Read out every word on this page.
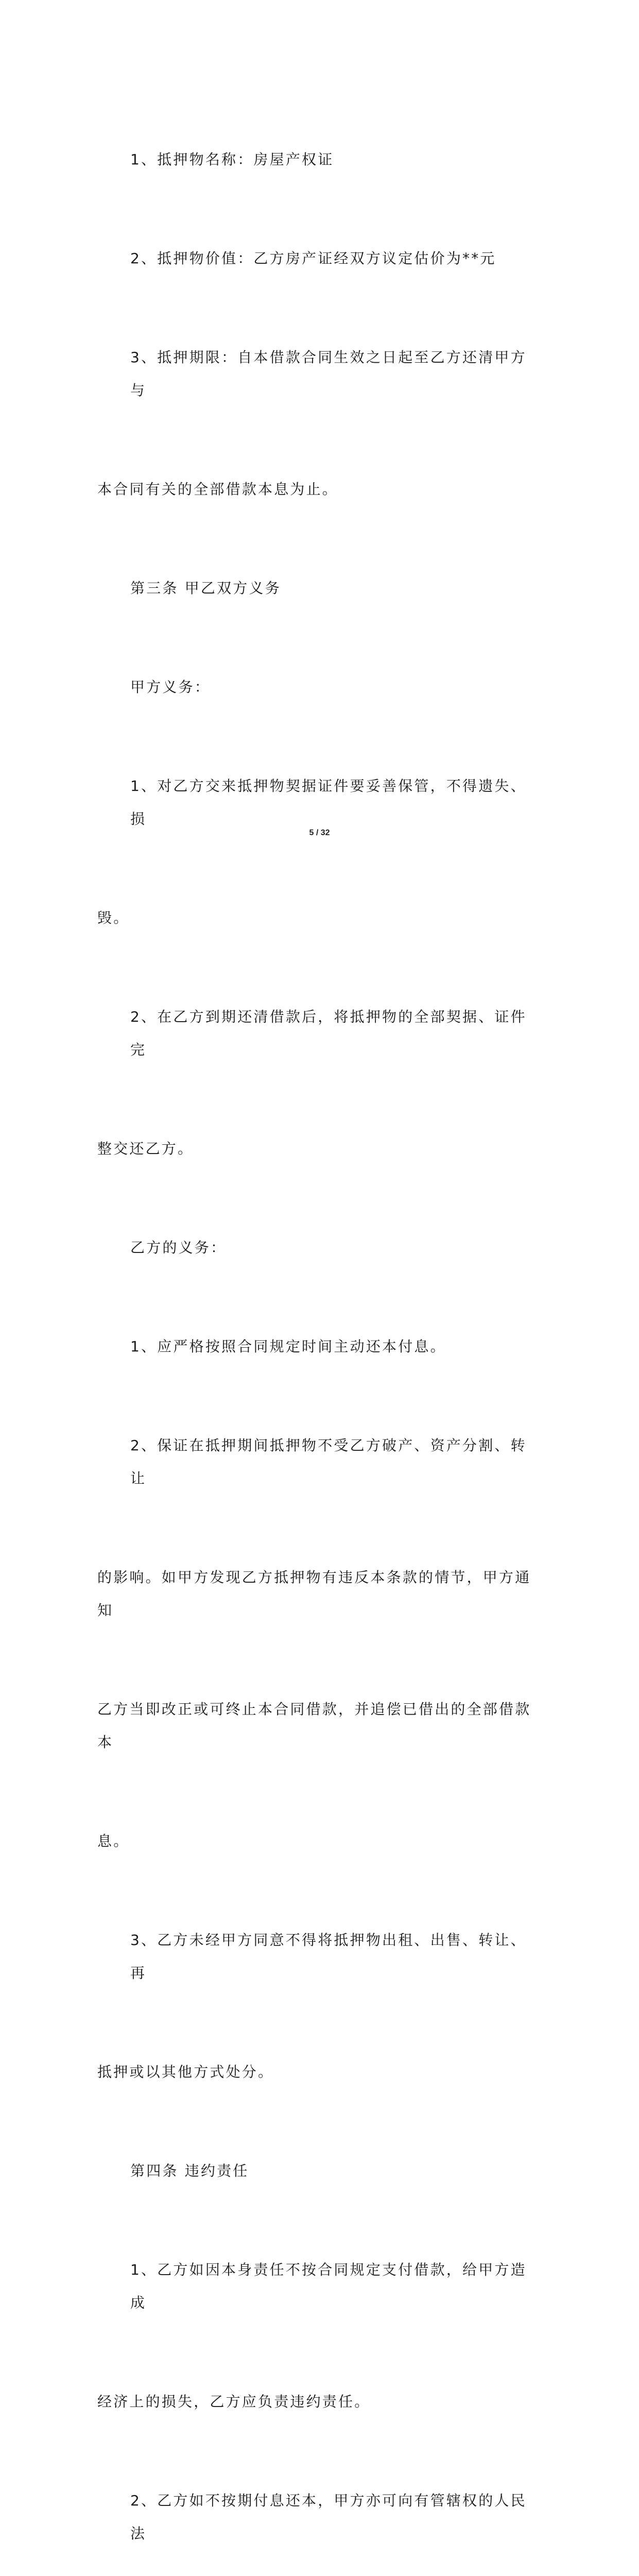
1、抵押物名称：房屋产权证

2、抵押物价值：乙方房产证经双方议定估价为**元

3、抵押期限：自本借款合同生效之日起至乙方还清甲方与

本合同有关的全部借款本息为止。

第三条 甲乙双方义务

甲方义务：

1、对乙方交来抵押物契据证件要妥善保管，不得遗失、损

毁。

2、在乙方到期还清借款后，将抵押物的全部契据、证件完

整交还乙方。

乙方的义务：

1、应严格按照合同规定时间主动还本付息。

2、保证在抵押期间抵押物不受乙方破产、资产分割、转让

的影响。如甲方发现乙方抵押物有违反本条款的情节，甲方通知

乙方当即改正或可终止本合同借款，并追偿已借出的全部借款本

息。

3、乙方未经甲方同意不得将抵押物出租、出售、转让、再

抵押或以其他方式处分。

第四条 违约责任

1、乙方如因本身责任不按合同规定支付借款，给甲方造成

经济上的损失，乙方应负责违约责任。

2、乙方如不按期付息还本，甲方亦可向有管辖权的人民法

5 / 32
